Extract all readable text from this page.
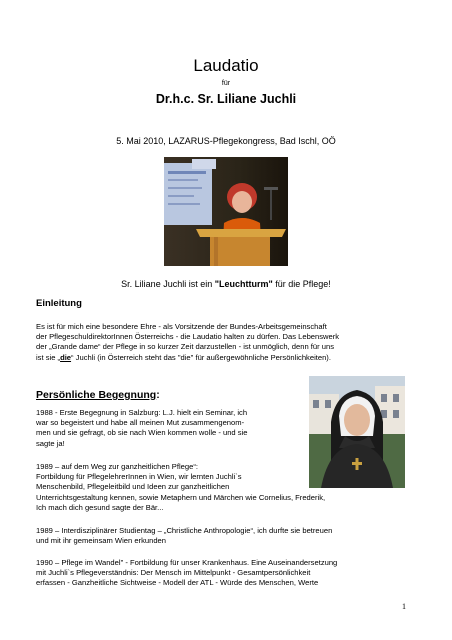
Laudatio
für
Dr.h.c. Sr. Liliane Juchli
5. Mai 2010, LAZARUS-Pflegekongress, Bad Ischl, OÖ
Sr. Liliane Juchli ist ein "Leuchtturm" für die Pflege!
Einleitung
Es ist für mich eine besondere Ehre - als Vorsitzende der Bundes-Arbeitsgemeinschaft
der PflegeschuldirektorInnen Österreichs - die Laudatio halten zu dürfen. Das Lebenswerk
der „Grande dame“ der Pflege in so kurzer Zeit darzustellen - ist unmöglich, denn für uns
ist sie „die“ Juchli (in Österreich steht das "die" für außergewöhnliche Persönlichkeiten).
Persönliche Begegnung:
1988 - Erste Begegnung in Salzburg: L.J. hielt ein Seminar, ich
war so begeistert und habe all meinen Mut zusammengenom-
men und sie gefragt, ob sie nach Wien kommen wolle - und sie
sagte ja!
1989 – auf dem Weg zur ganzheitlichen Pflege“:
Fortbildung für PflegelehrerInnen in Wien, wir lernten Juchli`s
Menschenbild, Pflegeleitbild und Ideen zur ganzheitlichen
Unterrichtsgestaltung kennen, sowie Metaphern und Märchen wie Cornelius, Frederik,
Ich mach dich gesund sagte der Bär...
1989 – Interdisziplinärer Studientag – „Christliche Anthropologie“, ich durfte sie betreuen
und mit ihr gemeinsam Wien erkunden
1990 – Pflege im Wandel" - Fortbildung für unser Krankenhaus. Eine Auseinandersetzung
mit Juchli`s Pflegeverständnis: Der Mensch im Mittelpunkt - Gesamtpersönlichkeit
erfassen - Ganzheitliche Sichtweise - Modell der ATL - Würde des Menschen, Werte
1
